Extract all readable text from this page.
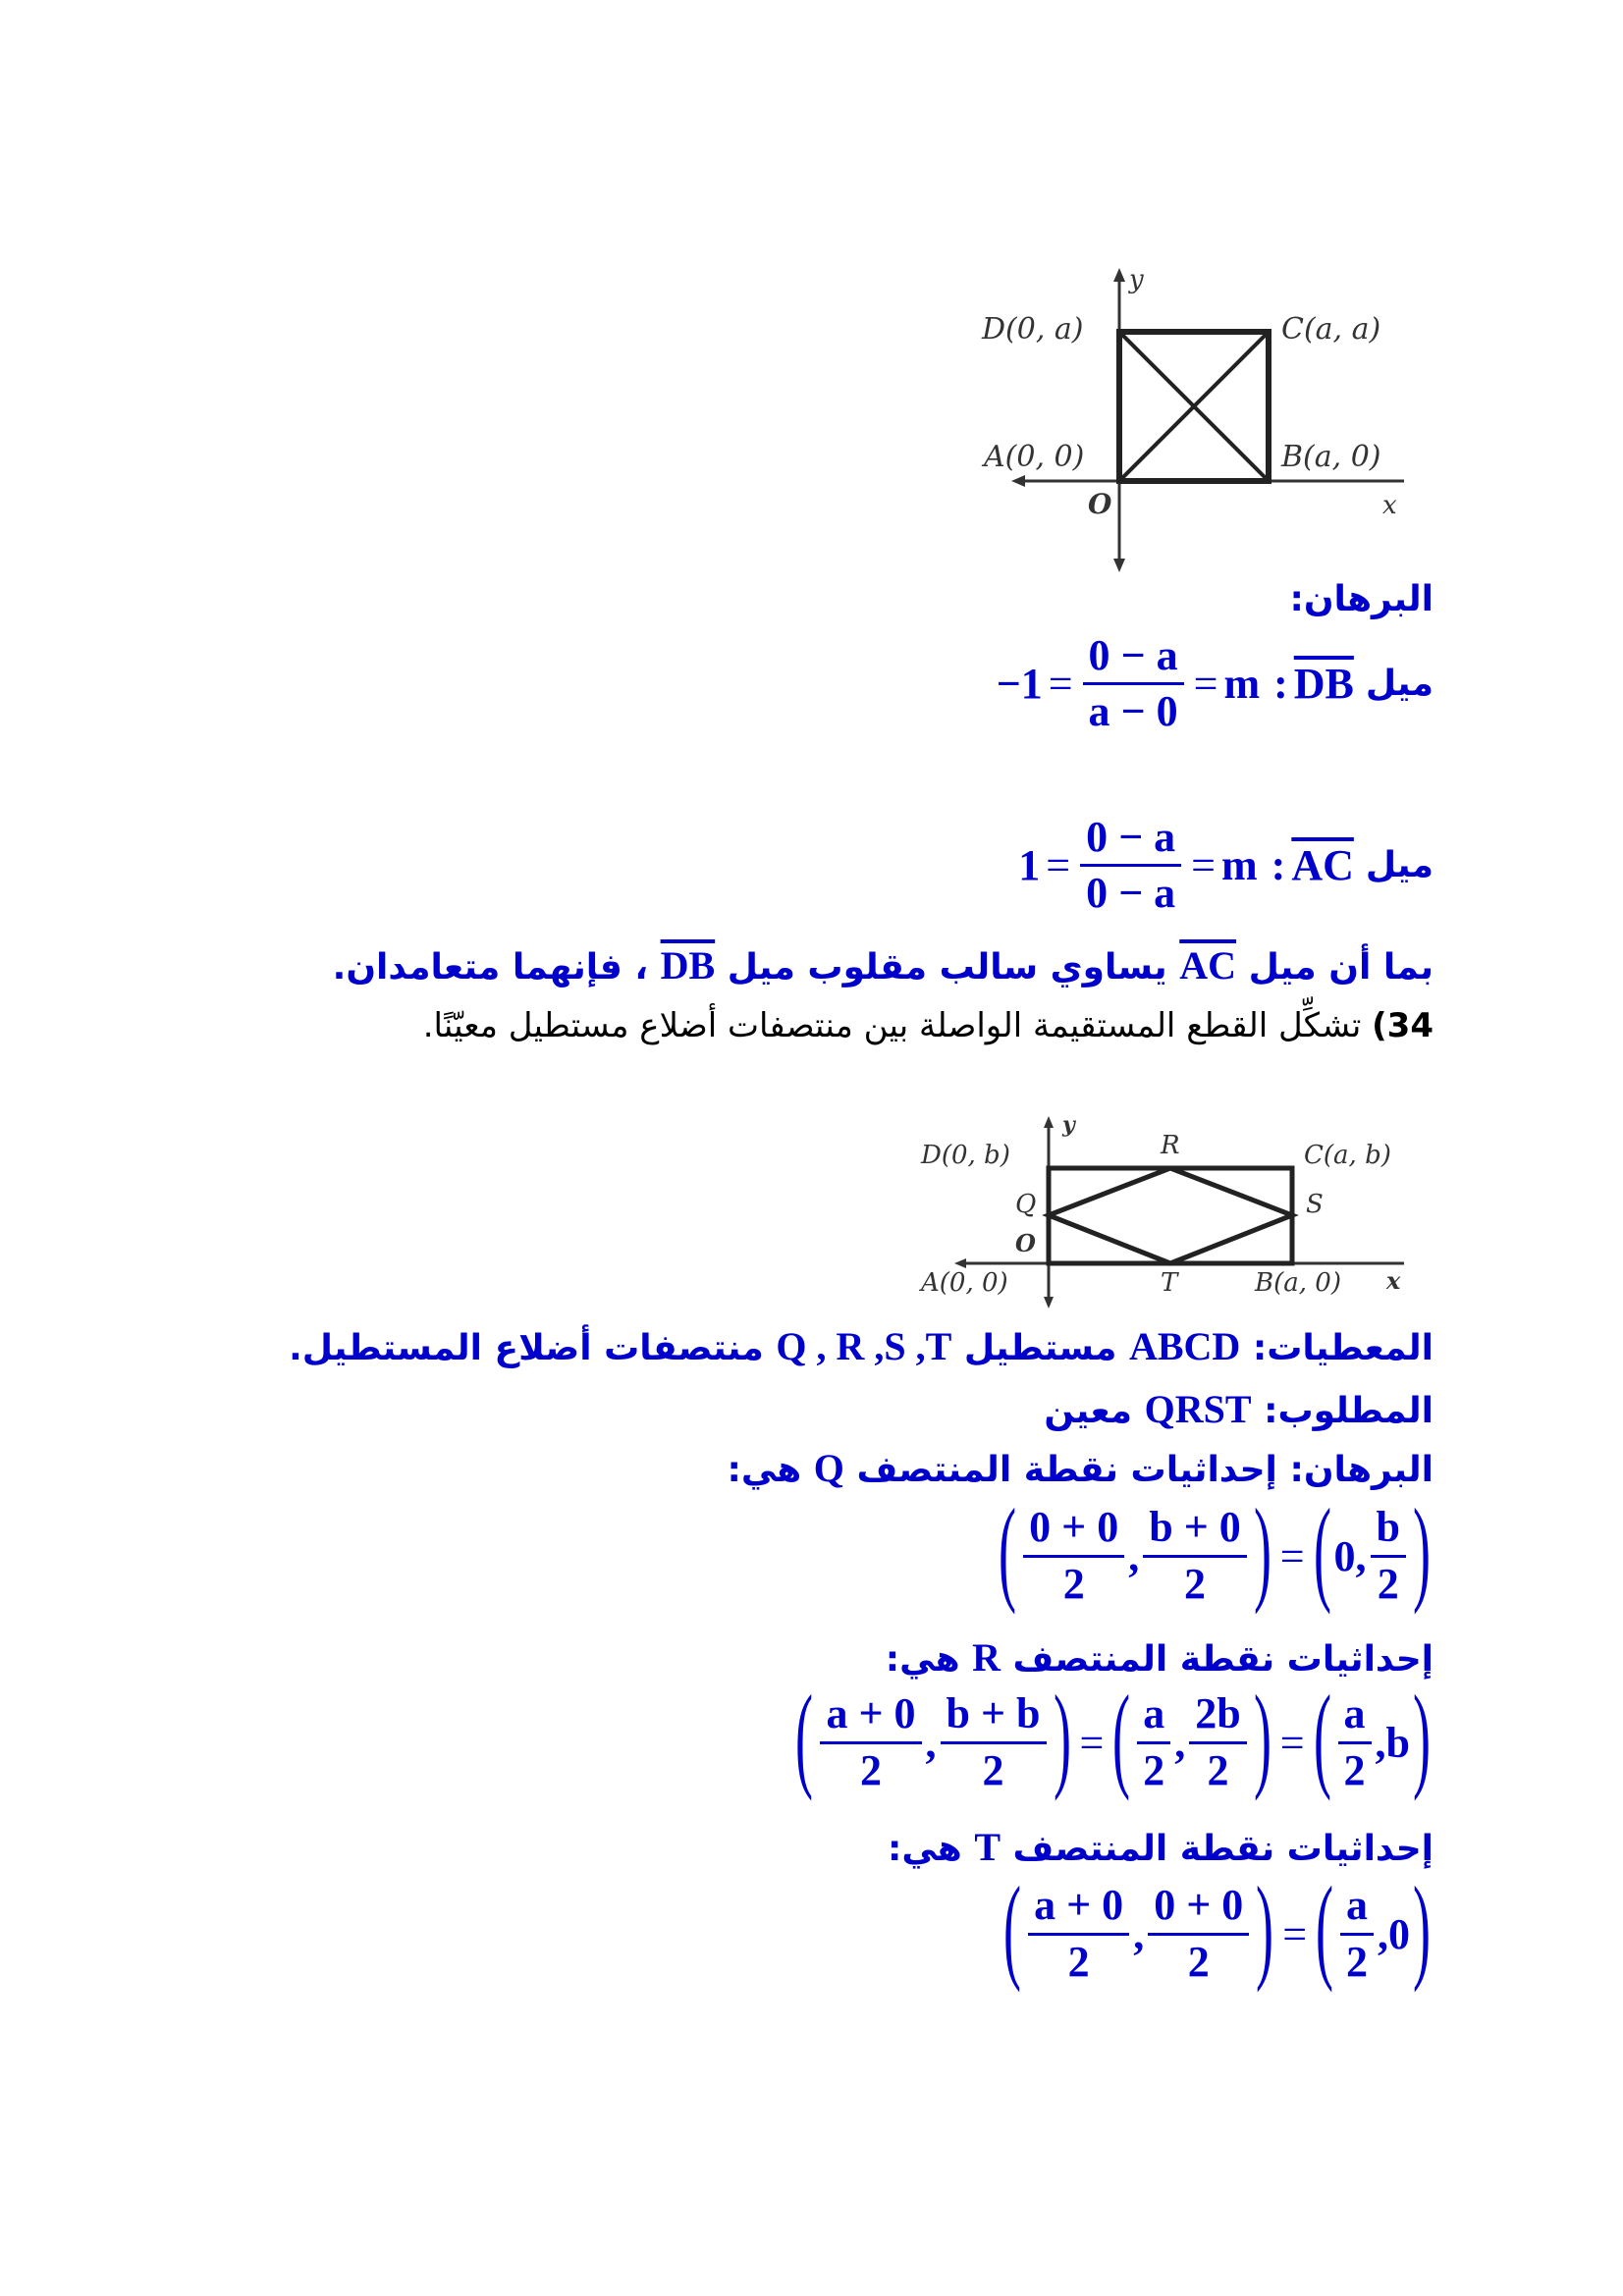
y
D(0, a)	C(a, a)
A(0, 0)	B(a, 0)
O	x
البرهان:
$-1 = \frac{0 - a}{a - 0} = m$ : $\overline{DB}$ ميل
$1 = \frac{0 - a}{0 - a} = m$ : $\overline{AC}$ ميل
بما أن ميل $\overline{AC}$ يساوي سالب مقلوب ميل $\overline{DB}$ ، فإنهما متعامدان.
34) تشكِّل القطع المستقيمة الواصلة بين منتصفات أضلاع مستطيل معيّنًا.
y
D(0, b)	R	C(a, b)
Q	S
O
A(0, 0)	T	B(a, 0) x
المعطيات: ABCD مستطيل Q , R ,S ,T منتصفات أضلاع المستطيل.
المطلوب: QRST معين
البرهان: إحداثيات نقطة المنتصف Q هي:
( $\frac{0 + 0}{2}$ , $\frac{b + 0}{2}$ ) = ( 0, $\frac{b}{2}$ )
إحداثيات نقطة المنتصف R هي:
( $\frac{a + 0}{2}$ , $\frac{b + b}{2}$ ) = ( $\frac{a}{2}$ , $\frac{2b}{2}$ ) = ( $\frac{a}{2} ,b$ )
إحداثيات نقطة المنتصف T هي:
( $\frac{a + 0}{2}$ , $\frac{0 + 0}{2}$ ) = ( $\frac{a}{2} ,0$ )
